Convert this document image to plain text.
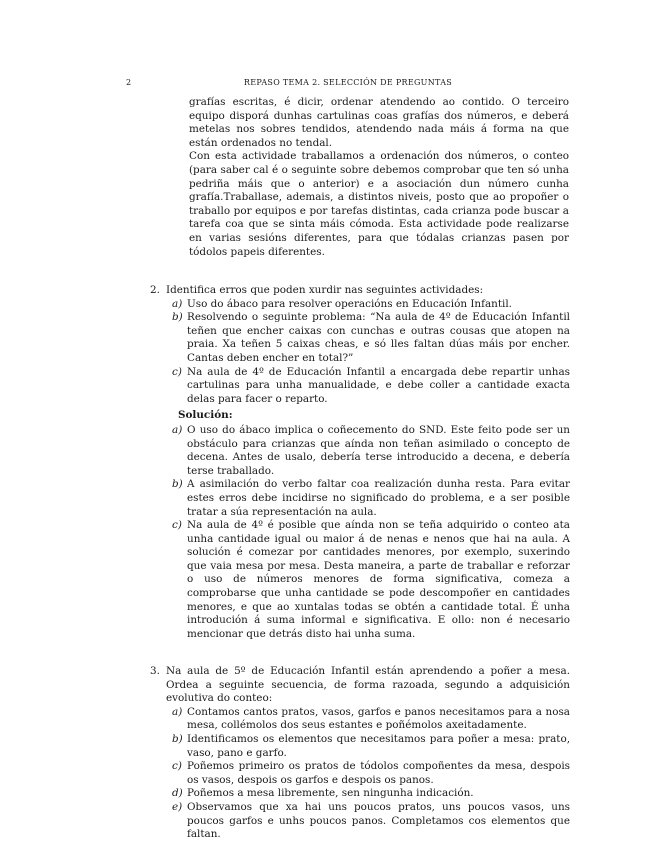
2	REPASO TEMA 2. SELECCIÓN DE PREGUNTAS

grafías escritas, é dicir, ordenar atendendo ao contido. O terceiro equipo disporá dunhas cartulinas coas grafías dos números, e deberá metelas nos sobres tendidos, atendendo nada máis á forma na que están ordenados no tendal.

Con esta actividade traballamos a ordenación dos números, o conteo (para saber cal é o seguinte sobre debemos comprobar que ten só unha pedriña máis que o anterior) e a asociación dun número cunha grafía.Traballase, ademais, a distintos niveis, posto que ao propoñer o traballo por equipos e por tarefas distintas, cada crianza pode buscar a tarefa coa que se sinta máis cómoda. Esta actividade pode realizarse en varias sesións diferentes, para que tódalas crianzas pasen por tódolos papeis diferentes.

2. Identifica erros que poden xurdir nas seguintes actividades:
a) Uso do ábaco para resolver operacións en Educación Infantil.
b) Resolvendo o seguinte problema: “Na aula de 4º de Educación Infantil teñen que encher caixas con cunchas e outras cousas que atopen na praia. Xa teñen 5 caixas cheas, e só lles faltan dúas máis por encher. Cantas deben encher en total?”
c) Na aula de 4º de Educación Infantil a encargada debe repartir unhas cartulinas para unha manualidade, e debe coller a cantidade exacta delas para facer o reparto.
Solución:
a) O uso do ábaco implica o coñecemento do SND. Este feito pode ser un obstáculo para crianzas que aínda non teñan asimilado o concepto de decena. Antes de usalo, debería terse introducido a decena, e debería terse traballado.
b) A asimilación do verbo faltar coa realización dunha resta. Para evitar estes erros debe incidirse no significado do problema, e a ser posible tratar a súa representación na aula.
c) Na aula de 4º é posible que aínda non se teña adquirido o conteo ata unha cantidade igual ou maior á de nenas e nenos que hai na aula. A solución é comezar por cantidades menores, por exemplo, suxerindo que vaia mesa por mesa. Desta maneira, a parte de traballar e reforzar o uso de números menores de forma significativa, comeza a comprobarse que unha cantidade se pode descompoñer en cantidades menores, e que ao xuntalas todas se obtén a cantidade total. É unha introdución á suma informal e significativa. E ollo: non é necesario mencionar que detrás disto hai unha suma.
3. Na aula de 5º de Educación Infantil están aprendendo a poñer a mesa. Ordea a seguinte secuencia, de forma razoada, segundo a adquisición evolutiva do conteo:
a) Contamos cantos pratos, vasos, garfos e panos necesitamos para a nosa mesa, collémolos dos seus estantes e poñémolos axeitadamente.
b) Identificamos os elementos que necesitamos para poñer a mesa: prato, vaso, pano e garfo.
c) Poñemos primeiro os pratos de tódolos compoñentes da mesa, despois os vasos, despois os garfos e despois os panos.
d) Poñemos a mesa libremente, sen ningunha indicación.
e) Observamos que xa hai uns poucos pratos, uns poucos vasos, uns poucos garfos e unhs poucos panos. Completamos cos elementos que faltan.
